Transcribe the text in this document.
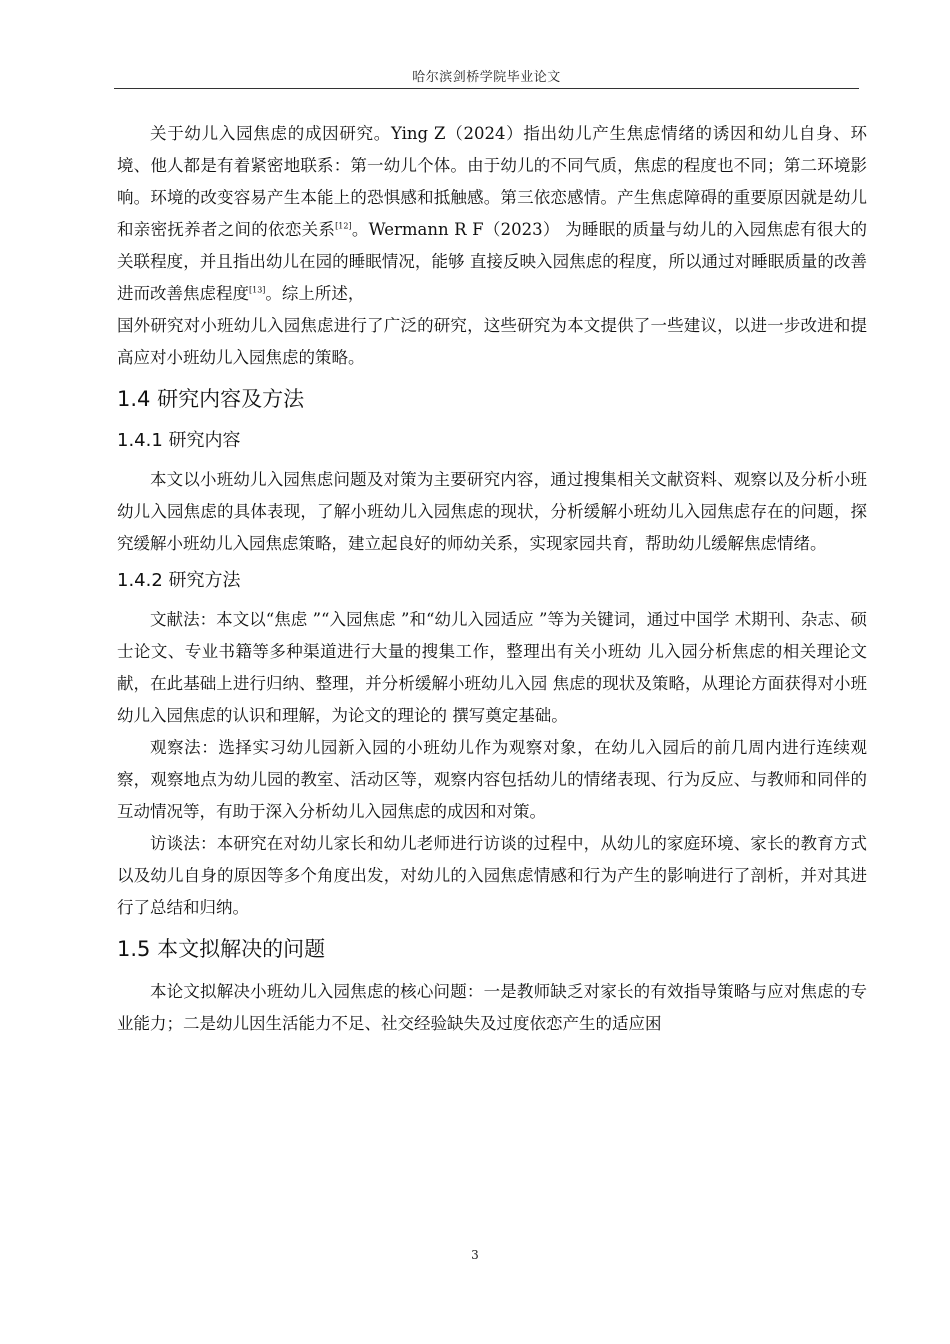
哈尔滨剑桥学院毕业论文

关于幼儿入园焦虑的成因研究。Ying Z（2024）指出幼儿产生焦虑情绪的诱因和幼儿自身、环境、他人都是有着紧密地联系：第一幼儿个体。由于幼儿的不同气质，焦虑的程度也不同；第二环境影响。环境的改变容易产生本能上的恐惧感和抵触感。第三依恋感情。产生焦虑障碍的重要原因就是幼儿和亲密抚养者之间的依恋关系[12]。Wermann R F（2023） 为睡眠的质量与幼儿的入园焦虑有很大的关联程度，并且指出幼儿在园的睡眠情况，能够 直接反映入园焦虑的程度，所以通过对睡眠质量的改善进而改善焦虑程度[13]。综上所述，

国外研究对小班幼儿入园焦虑进行了广泛的研究，这些研究为本文提供了一些建议，以进一步改进和提高应对小班幼儿入园焦虑的策略。

1.4 研究内容及方法
1.4.1 研究内容

本文以小班幼儿入园焦虑问题及对策为主要研究内容，通过搜集相关文献资料、观察以及分析小班幼儿入园焦虑的具体表现，了解小班幼儿入园焦虑的现状，分析缓解小班幼儿入园焦虑存在的问题，探究缓解小班幼儿入园焦虑策略，建立起良好的师幼关系，实现家园共育，帮助幼儿缓解焦虑情绪。

1.4.2 研究方法

文献法：本文以“焦虑 ”“入园焦虑 ”和“幼儿入园适应 ”等为关键词，通过中国学 术期刊、杂志、硕士论文、专业书籍等多种渠道进行大量的搜集工作，整理出有关小班幼 儿入园分析焦虑的相关理论文献，在此基础上进行归纳、整理，并分析缓解小班幼儿入园 焦虑的现状及策略，从理论方面获得对小班幼儿入园焦虑的认识和理解，为论文的理论的 撰写奠定基础。

观察法：选择实习幼儿园新入园的小班幼儿作为观察对象，在幼儿入园后的前几周内进行连续观察，观察地点为幼儿园的教室、活动区等，观察内容包括幼儿的情绪表现、行为反应、与教师和同伴的互动情况等，有助于深入分析幼儿入园焦虑的成因和对策。

访谈法：本研究在对幼儿家长和幼儿老师进行访谈的过程中，从幼儿的家庭环境、家长的教育方式以及幼儿自身的原因等多个角度出发，对幼儿的入园焦虑情感和行为产生的影响进行了剖析，并对其进行了总结和归纳。

1.5 本文拟解决的问题

本论文拟解决小班幼儿入园焦虑的核心问题：一是教师缺乏对家长的有效指导策略与应对焦虑的专业能力；二是幼儿因生活能力不足、社交经验缺失及过度依恋产生的适应困

3
